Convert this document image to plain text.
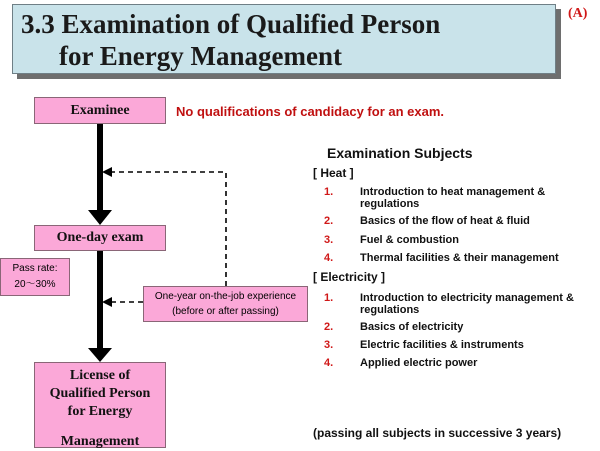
3.3 Examination of Qualified Person
for Energy Management
(A)
Examinee	No qualifications of candidacy for an exam.
One-day exam
Pass rate:
20～30%
One-year on-the-job experience
(before or after passing)
License of
Qualified Person
for Energy
Management
Examination Subjects
[ Heat ]
1.	Introduction to heat management & regulations
2.	Basics of the flow of heat & fluid
3.	Fuel & combustion
4.	Thermal facilities & their management
[ Electricity ]
1.	Introduction to electricity management & regulations
2.	Basics of electricity
3.	Electric facilities & instruments
4.	Applied electric power
(passing all subjects in successive 3 years)
